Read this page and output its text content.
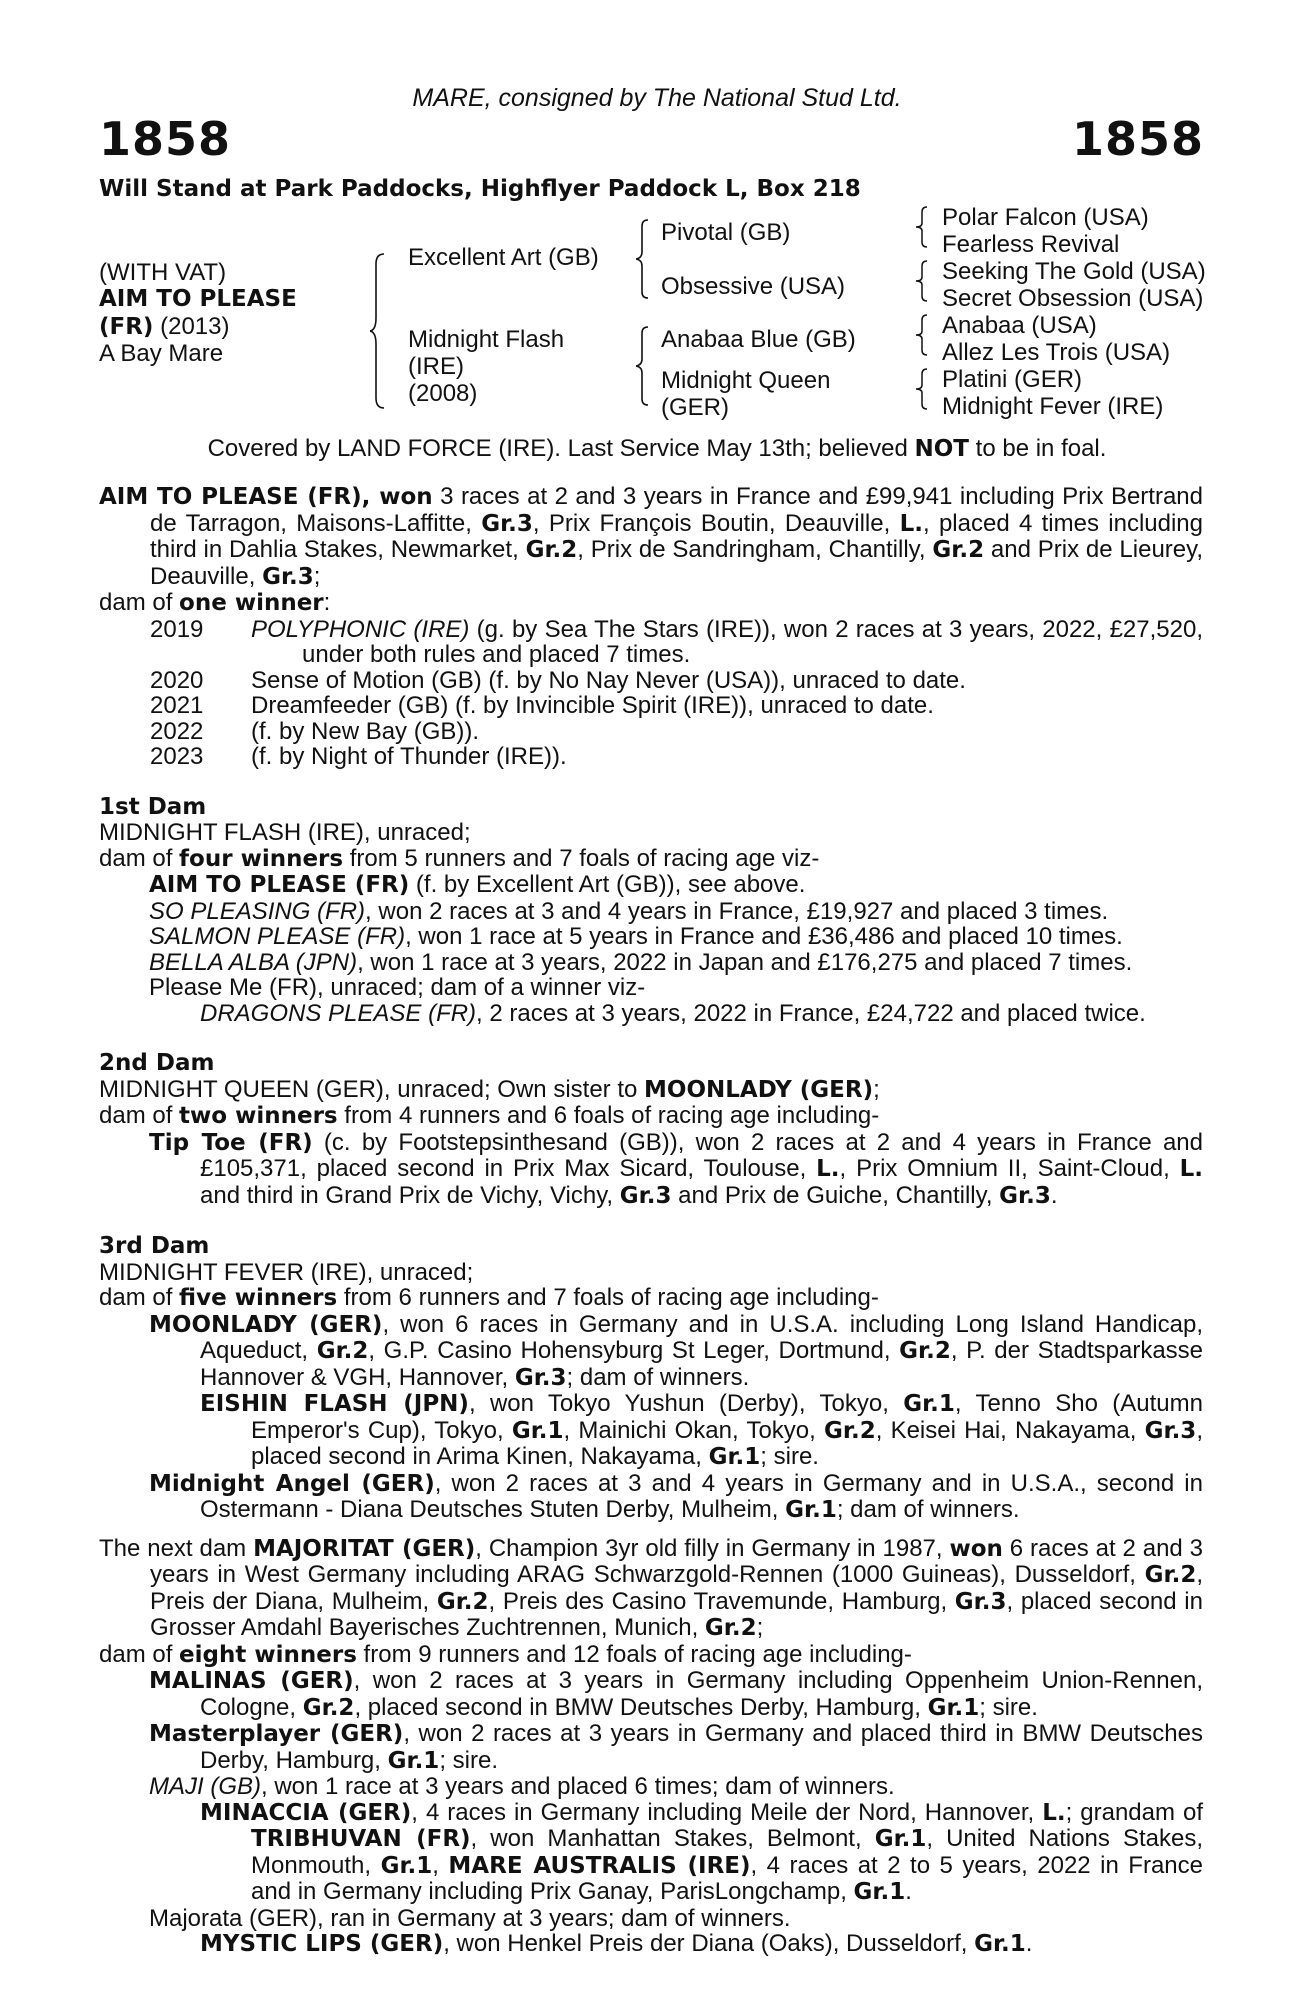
MARE, consigned by The National Stud Ltd.
1858	1858
Will Stand at Park Paddocks, Highflyer Paddock L, Box 218
(WITH VAT)
AIM TO PLEASE
(FR) (2013)
A Bay Mare
Excellent Art (GB)
Midnight Flash
(IRE)
(2008)
Pivotal (GB)
Obsessive (USA)
Anabaa Blue (GB)
Midnight Queen
(GER)
Polar Falcon (USA)
Fearless Revival
Seeking The Gold (USA)
Secret Obsession (USA)
Anabaa (USA)
Allez Les Trois (USA)
Platini (GER)
Midnight Fever (IRE)
Covered by LAND FORCE (IRE). Last Service May 13th; believed NOT to be in foal.

AIM TO PLEASE (FR), won 3 races at 2 and 3 years in France and £99,941 including Prix Bertrand de Tarragon, Maisons-Laffitte, Gr.3, Prix François Boutin, Deauville, L., placed 4 times including third in Dahlia Stakes, Newmarket, Gr.2, Prix de Sandringham, Chantilly, Gr.2 and Prix de Lieurey, Deauville, Gr.3;

dam of one winner:

2019	POLYPHONIC (IRE) (g. by Sea The Stars (IRE)), won 2 races at 3 years, 2022, £27,520, under both rules and placed 7 times.
2020	Sense of Motion (GB) (f. by No Nay Never (USA)), unraced to date.
2021	Dreamfeeder (GB) (f. by Invincible Spirit (IRE)), unraced to date.
2022	(f. by New Bay (GB)).
2023	(f. by Night of Thunder (IRE)).

1st Dam

MIDNIGHT FLASH (IRE), unraced;

dam of four winners from 5 runners and 7 foals of racing age viz-

AIM TO PLEASE (FR) (f. by Excellent Art (GB)), see above.

SO PLEASING (FR), won 2 races at 3 and 4 years in France, £19,927 and placed 3 times.

SALMON PLEASE (FR), won 1 race at 5 years in France and £36,486 and placed 10 times.

BELLA ALBA (JPN), won 1 race at 3 years, 2022 in Japan and £176,275 and placed 7 times.

Please Me (FR), unraced; dam of a winner viz-

DRAGONS PLEASE (FR), 2 races at 3 years, 2022 in France, £24,722 and placed twice.

2nd Dam

MIDNIGHT QUEEN (GER), unraced; Own sister to MOONLADY (GER);

dam of two winners from 4 runners and 6 foals of racing age including-

Tip Toe (FR) (c. by Footstepsinthesand (GB)), won 2 races at 2 and 4 years in France and £105,371, placed second in Prix Max Sicard, Toulouse, L., Prix Omnium II, Saint-Cloud, L. and third in Grand Prix de Vichy, Vichy, Gr.3 and Prix de Guiche, Chantilly, Gr.3.

3rd Dam

MIDNIGHT FEVER (IRE), unraced;

dam of five winners from 6 runners and 7 foals of racing age including-

MOONLADY (GER), won 6 races in Germany and in U.S.A. including Long Island Handicap, Aqueduct, Gr.2, G.P. Casino Hohensyburg St Leger, Dortmund, Gr.2, P. der Stadtsparkasse Hannover & VGH, Hannover, Gr.3; dam of winners.

EISHIN FLASH (JPN), won Tokyo Yushun (Derby), Tokyo, Gr.1, Tenno Sho (Autumn Emperor's Cup), Tokyo, Gr.1, Mainichi Okan, Tokyo, Gr.2, Keisei Hai, Nakayama, Gr.3, placed second in Arima Kinen, Nakayama, Gr.1; sire.

Midnight Angel (GER), won 2 races at 3 and 4 years in Germany and in U.S.A., second in Ostermann - Diana Deutsches Stuten Derby, Mulheim, Gr.1; dam of winners.

The next dam MAJORITAT (GER), Champion 3yr old filly in Germany in 1987, won 6 races at 2 and 3 years in West Germany including ARAG Schwarzgold-Rennen (1000 Guineas), Dusseldorf, Gr.2, Preis der Diana, Mulheim, Gr.2, Preis des Casino Travemunde, Hamburg, Gr.3, placed second in Grosser Amdahl Bayerisches Zuchtrennen, Munich, Gr.2;

dam of eight winners from 9 runners and 12 foals of racing age including-

MALINAS (GER), won 2 races at 3 years in Germany including Oppenheim Union-Rennen, Cologne, Gr.2, placed second in BMW Deutsches Derby, Hamburg, Gr.1; sire.

Masterplayer (GER), won 2 races at 3 years in Germany and placed third in BMW Deutsches Derby, Hamburg, Gr.1; sire.

MAJI (GB), won 1 race at 3 years and placed 6 times; dam of winners.

MINACCIA (GER), 4 races in Germany including Meile der Nord, Hannover, L.; grandam of TRIBHUVAN (FR), won Manhattan Stakes, Belmont, Gr.1, United Nations Stakes, Monmouth, Gr.1, MARE AUSTRALIS (IRE), 4 races at 2 to 5 years, 2022 in France and in Germany including Prix Ganay, ParisLongchamp, Gr.1.

Majorata (GER), ran in Germany at 3 years; dam of winners.

MYSTIC LIPS (GER), won Henkel Preis der Diana (Oaks), Dusseldorf, Gr.1.
